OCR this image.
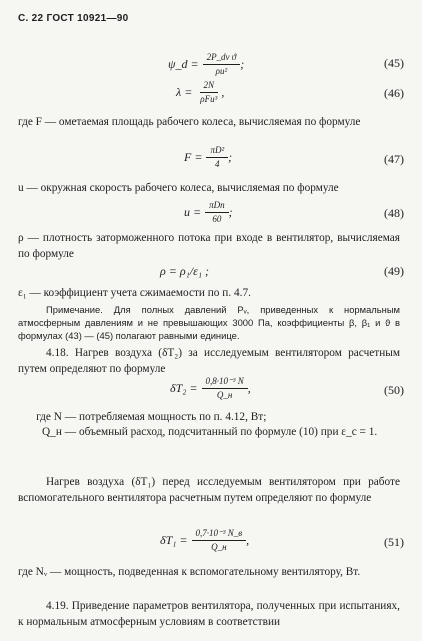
С. 22 ГОСТ 10921—90
ψ_d = $\frac{\text{2P\_dv ϑ}}{\text{ρu²}}$ ;	(45)
$\lambda = \frac{2N}{\text{ρFu³}}$ ,	(46)
где F — ометаемая площадь рабочего колеса, вычисляемая по формуле
$F = \frac{\text{πD²}}{4}$ ;	(47)
u — окружная скорость рабочего колеса, вычисляемая по формуле
$u = \frac{\text{πDn}}{60}$ ;	(48)
ρ — плотность заторможенного потока при входе в вентилятор, вычисляемая по формуле
ρ = ρ₁/ε₁ ;	(49)
ε₁ — коэффициент учета сжимаемости по п. 4.7.
Примечание. Для полных давлений Pᵥ, приведенных к нормальным атмосферным давлениям и не превышающих 3000 Па, коэффициенты β, β₁ и ϑ в формулах (43) — (45) полагают равными единице.
4.18. Нагрев воздуха (δT₂) за исследуемым вентилятором расчетным путем определяют по формуле
$\delta T_2 = \frac{\text{0,8·10⁻³ N}}{Q\_н}$ ,	(50)
где N — потребляемая мощность по п. 4.12, Вт;
Q_н — объемный расход, подсчитанный по формуле (10) при ε_с = 1.
Нагрев воздуха (δT₁) перед исследуемым вентилятором при работе вспомогательного вентилятора расчетным путем определяют по формуле
$\delta T_1 = \frac{\text{0,7·10⁻³ N\_в}}{Q\_н}$ ,	(51)
где Nᵥ — мощность, подведенная к вспомогательному вентилятору, Вт.
4.19. Приведение параметров вентилятора, полученных при испытаниях, к нормальным атмосферным условиям в соответствии
